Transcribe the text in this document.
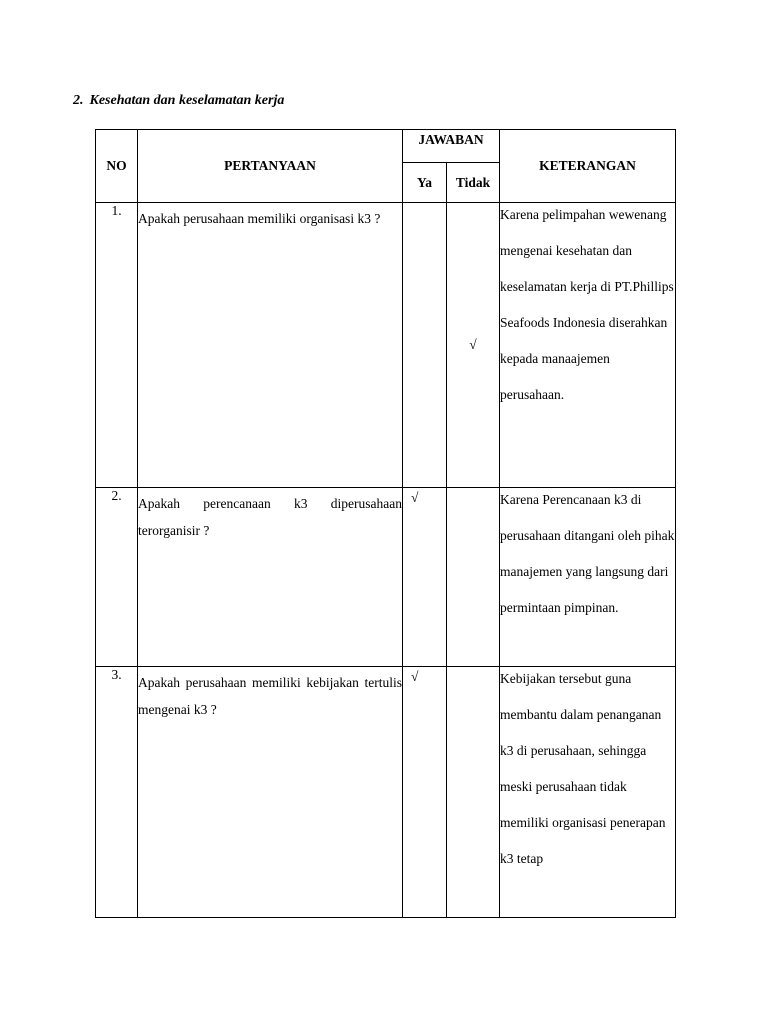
2. Kesehatan dan keselamatan kerja
NO	PERTANYAAN	JAWABAN		KETERANGAN
		Ya	Tidak	
1.	Apakah perusahaan memiliki organisasi k3 ?		√	Karena pelimpahan wewenang mengenai kesehatan dan keselamatan kerja di PT.Phillips Seafoods Indonesia diserahkan kepada manaajemen perusahaan.

2.	Apakah perencanaan k3 diperusahaan terorganisir ?	√		Karena Perencanaan k3 di perusahaan ditangani oleh pihak manajemen yang langsung dari permintaan pimpinan.

3.	Apakah perusahaan memiliki kebijakan tertulis mengenai k3 ?	√		Kebijakan tersebut guna membantu dalam penanganan k3 di perusahaan, sehingga meski perusahaan tidak memiliki organisasi penerapan k3 tetap
